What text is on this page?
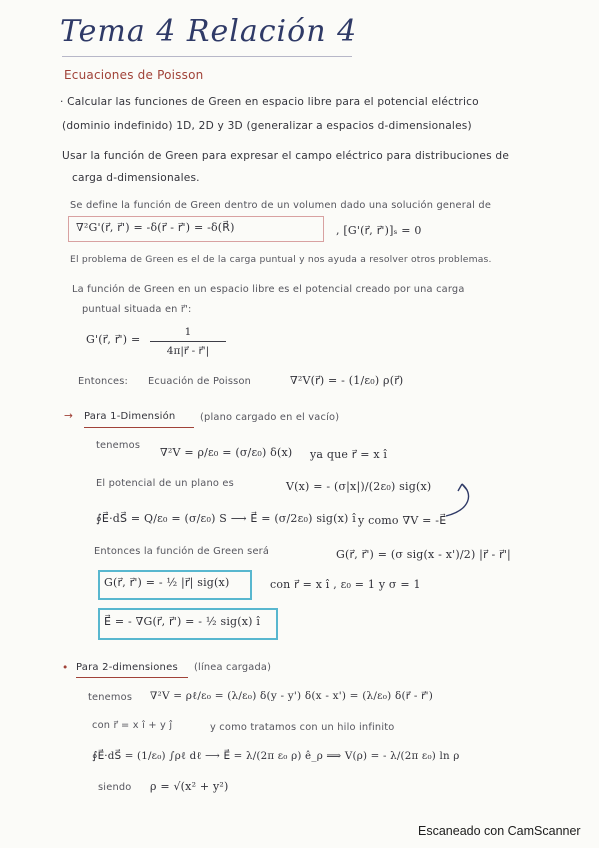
Tema 4 Relación 4
Ecuaciones de Poisson
· Calcular las funciones de Green en espacio libre para el potencial eléctrico
(dominio indefinido) 1D, 2D y 3D (generalizar a espacios d-dimensionales)
Usar la función de Green para expresar el campo eléctrico para distribuciones de
carga d-dimensionales.
Se define la función de Green dentro de un volumen dado una solución general de
∇²G'(r⃗, r⃗') = -δ(r⃗ - r⃗') = -δ(R⃗)	, [G'(r⃗, r⃗')]ₛ = 0
El problema de Green es el de la carga puntual y nos ayuda a resolver otros problemas.
La función de Green en un espacio libre es el potencial creado por una carga
puntual situada en r⃗':
G'(r⃗, r⃗') =
1
4π|r⃗ - r⃗'|
Entonces: Ecuación de Poisson	∇²V(r⃗) = - (1/ε₀) ρ(r⃗)
→ Para 1-Dimensión	(plano cargado en el vacío)
tenemos
∇²V = ρ/ε₀ = (σ/ε₀) δ(x) ya que r⃗ = x î
El potencial de un plano es	V(x) = - (σ|x|)/(2ε₀) sig(x)
∮E⃗·dS⃗ = Q/ε₀ = (σ/ε₀) S ⟶ E⃗ = (σ/2ε₀) sig(x) î y como ∇V = -E⃗
Entonces la función de Green será	G(r⃗, r⃗') = (σ sig(x - x')/2) |r⃗ - r⃗'|
G(r⃗, r⃗') = - ½ |r⃗| sig(x)	con r⃗ = x î , ε₀ = 1 y σ = 1
E⃗ = - ∇G(r⃗, r⃗') = - ½ sig(x) î
• Para 2-dimensiones (línea cargada)
tenemos ∇²V = ρℓ/ε₀ = (λ/ε₀) δ(y - y') δ(x - x') = (λ/ε₀) δ(r⃗ - r⃗')
con r⃗ = x î + y ĵ	y como tratamos con un hilo infinito
∮E⃗·dS⃗ = (1/ε₀) ∫ρℓ dℓ ⟶ E⃗ = λ/(2π ε₀ ρ) ê_ρ ⟹ V(ρ) = - λ/(2π ε₀) ln ρ
siendo ρ = √(x² + y²)
Escaneado con CamScanner
